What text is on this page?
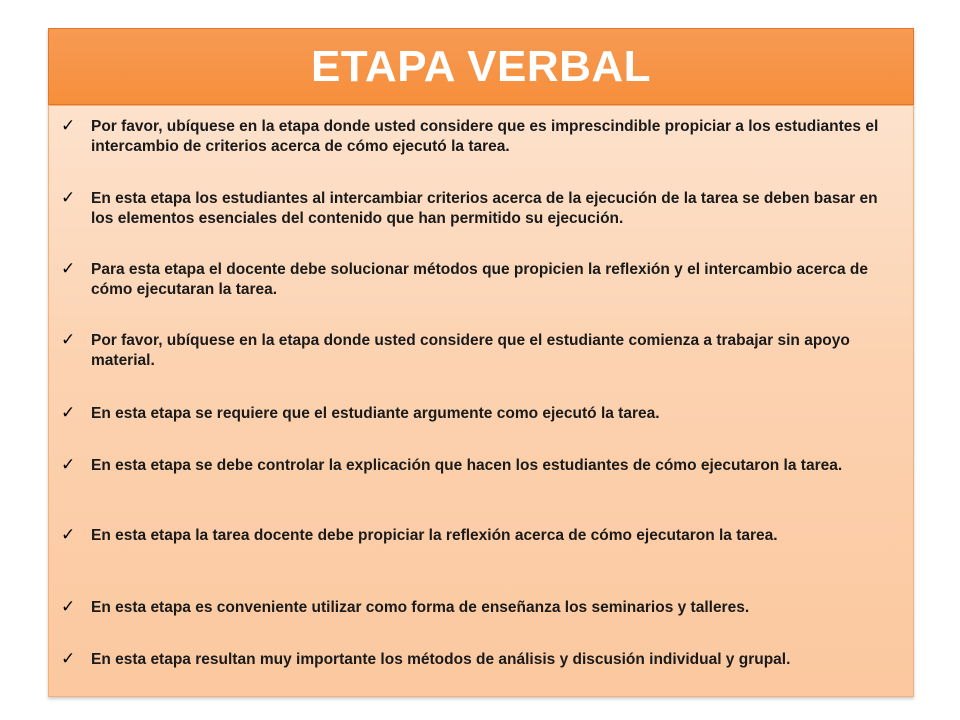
ETAPA VERBAL
✓	Por favor, ubíquese en la etapa donde usted considere que es imprescindible propiciar a los estudiantes el intercambio de criterios acerca de cómo ejecutó la tarea.
✓	En esta etapa los estudiantes al intercambiar criterios acerca de la ejecución de la tarea se deben basar en los elementos esenciales del contenido que han permitido su ejecución.
✓	Para esta etapa el docente debe solucionar métodos que propicien la reflexión y el intercambio acerca de cómo ejecutaran la tarea.
✓	Por favor, ubíquese en la etapa donde usted considere que el estudiante comienza a trabajar sin apoyo material.
✓	En esta etapa se requiere que el estudiante argumente como ejecutó la tarea.
✓	En esta etapa se debe controlar la explicación que hacen los estudiantes de cómo ejecutaron la tarea.
✓	En esta etapa la tarea docente debe propiciar la reflexión acerca de cómo ejecutaron la tarea.
✓	En esta etapa es conveniente utilizar como forma de enseñanza los seminarios y talleres.
✓	En esta etapa resultan muy importante los métodos de análisis y discusión individual y grupal.
